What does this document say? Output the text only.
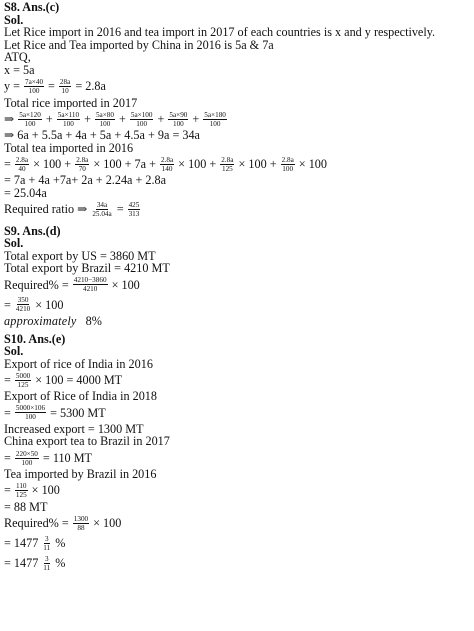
S8. Ans.(c)
Sol.
Let Rice import in 2016 and tea import in 2017 of each countries is x and y respectively.
Let Rice and Tea imported by China in 2016 is 5a & 7a
ATQ,
x = 5a
$y = \frac{7a\times 40}{100} = \frac{28a}{10} = 2.8a$
Total rice imported in 2017
⇒ $\frac{5a\times 120}{100} + \frac{5a\times 110}{100} + \frac{5a\times 80}{100} + \frac{5a\times 100}{100} + \frac{5a\times 90}{100} + \frac{5a\times 180}{100}$
⇒ 6a + 5.5a + 4a + 5a + 4.5a + 9a = 34a
Total tea imported in 2016
= $\frac{2.8a}{40} \times 100 + \frac{2.8a}{70} \times 100 + 7a + \frac{2.8a}{140} \times 100 + \frac{2.8a}{125} \times 100 + \frac{2.8a}{100} \times 100$
= 7a + 4a +7a+ 2a + 2.24a + 2.8a
= 25.04a
Required ratio ⇒ $\frac{34a}{25.04a} = \frac{425}{313}$
S9. Ans.(d)
Sol.
Total export by US = 3860 MT
Total export by Brazil = 4210 MT
Required% = $\frac{4210-3860}{4210} \times 100$
= $\frac{350}{4210} \times 100$
approximately
8%
S10. Ans.(e)
Sol.
Export of rice of India in 2016
= $\frac{5000}{125} \times 100 = 4000$ MT
Export of Rice of India in 2018
= $\frac{5000\times 106}{100} = 5300$ MT
Increased export = 1300 MT
China export tea to Brazil in 2017
= $\frac{220\times 50}{100} = 110$ MT
Tea imported by Brazil in 2016
= $\frac{110}{125} \times 100$
= 88 MT
Required% = $\frac{1300}{88} \times 100$
= $1477 \frac{3}{11}$ %
= $1477 \frac{3}{11}$ %
